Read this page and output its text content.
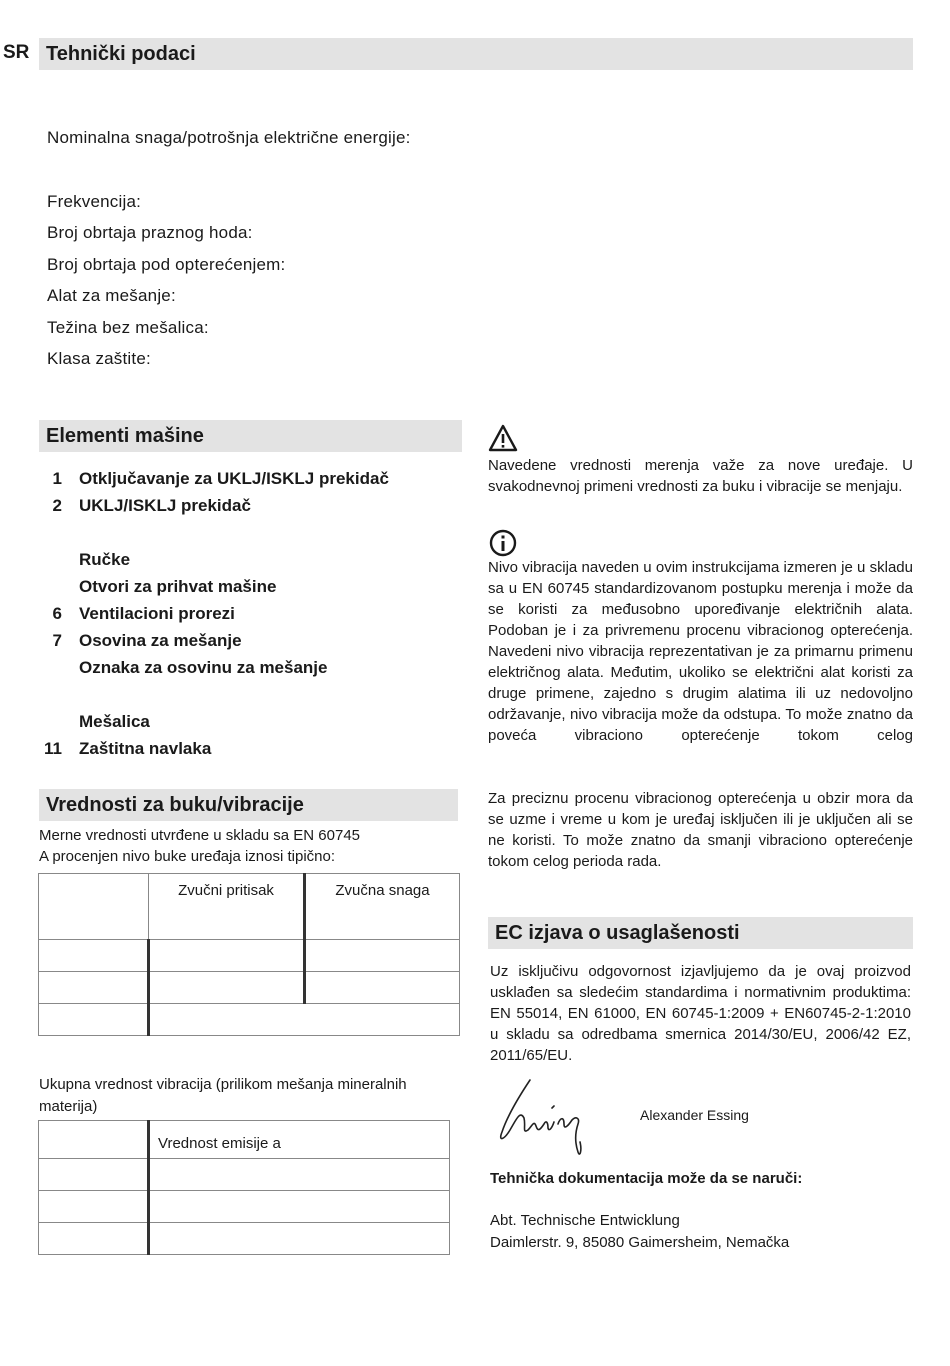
SR Tehnički podaci
Nominalna snaga/potrošnja električne energije:
Frekvencija:
Broj obrtaja praznog hoda:
Broj obrtaja pod opterećenjem:
Alat za mešanje:
Težina bez mešalica:
Klasa zaštite:
Elementi mašine
1 Otključavanje za UKLJ/ISKLJ prekidač
2 UKLJ/ISKLJ prekidač
Ručke
Otvori za prihvat mašine
6 Ventilacioni prorezi
7 Osovina za mešanje
Oznaka za osovinu za mešanje
Mešalica
11 Zaštitna navlaka
Vrednosti za buku/vibracije
Merne vrednosti utvrđene u skladu sa EN 60745
A procenjen nivo buke uređaja iznosi tipično:
	Zvučni pritisak	Zvučna snaga

Ukupna vrednost vibracija (prilikom mešanja mineralnih materija)
	Vrednost emisije a

Navedene vrednosti merenja važe za nove uređaje. U svakodnevnoj primeni vrednosti za buku i vibracije se menjaju.
Nivo vibracija naveden u ovim instrukcijama izmeren je u skladu sa u EN 60745 standardizovanom postupku merenja i može da se koristi za međusobno upoređivanje električnih alata. Podoban je i za privremenu procenu vibracionog opterećenja. Navedeni nivo vibracija reprezentativan je za primarnu primenu električnog alata. Međutim, ukoliko se električni alat koristi za druge primene, zajedno s drugim alatima ili uz nedovoljno održavanje, nivo vibracija može da odstupa. To može znatno da poveća vibraciono opterećenje tokom celog
Za preciznu procenu vibracionog opterećenja u obzir mora da se uzme i vreme u kom je uređaj isključen ili je uključen ali se ne koristi. To može znatno da smanji vibraciono opterećenje tokom celog perioda rada.
EC izjava o usaglašenosti
Uz isključivu odgovornost izjavljujemo da je ovaj proizvod usklađen sa sledećim standardima i normativnim produktima: EN 55014, EN 61000, EN 60745-1:2009 + EN60745-2-1:2010 u skladu sa odredbama smernica 2014/30/EU, 2006/42 EZ, 2011/65/EU.
Alexander Essing
Tehnička dokumentacija može da se naruči:
Abt. Technische Entwicklung
Daimlerstr. 9, 85080 Gaimersheim, Nemačka
